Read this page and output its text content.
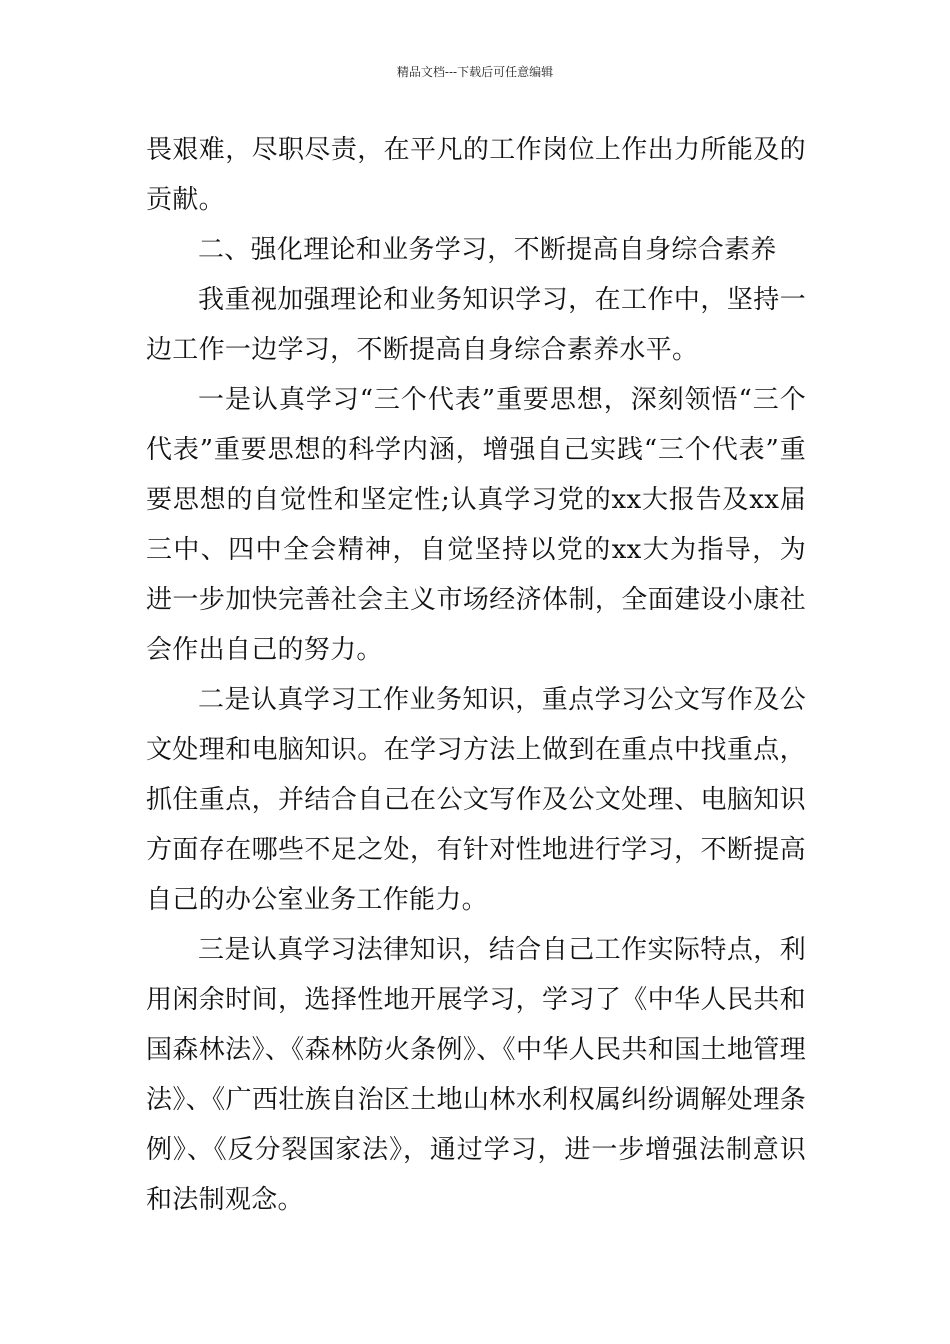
精品文档---下载后可任意编辑

畏艰难，尽职尽责，在平凡的工作岗位上作出力所能及的贡献。

二、强化理论和业务学习，不断提高自身综合素养

我重视加强理论和业务知识学习，在工作中，坚持一边工作一边学习，不断提高自身综合素养水平。

一是认真学习“三个代表”重要思想，深刻领悟“三个代表”重要思想的科学内涵，增强自己实践“三个代表”重要思想的自觉性和坚定性;认真学习党的xx大报告及xx届三中、四中全会精神，自觉坚持以党的xx大为指导，为进一步加快完善社会主义市场经济体制，全面建设小康社会作出自己的努力。

二是认真学习工作业务知识，重点学习公文写作及公文处理和电脑知识。在学习方法上做到在重点中找重点，抓住重点，并结合自己在公文写作及公文处理、电脑知识方面存在哪些不足之处，有针对性地进行学习，不断提高自己的办公室业务工作能力。

三是认真学习法律知识，结合自己工作实际特点，利用闲余时间，选择性地开展学习，学习了《中华人民共和国森林法》、《森林防火条例》、《中华人民共和国土地管理法》、《广西壮族自治区土地山林水利权属纠纷调解处理条例》、《反分裂国家法》，通过学习，进一步增强法制意识和法制观念。
